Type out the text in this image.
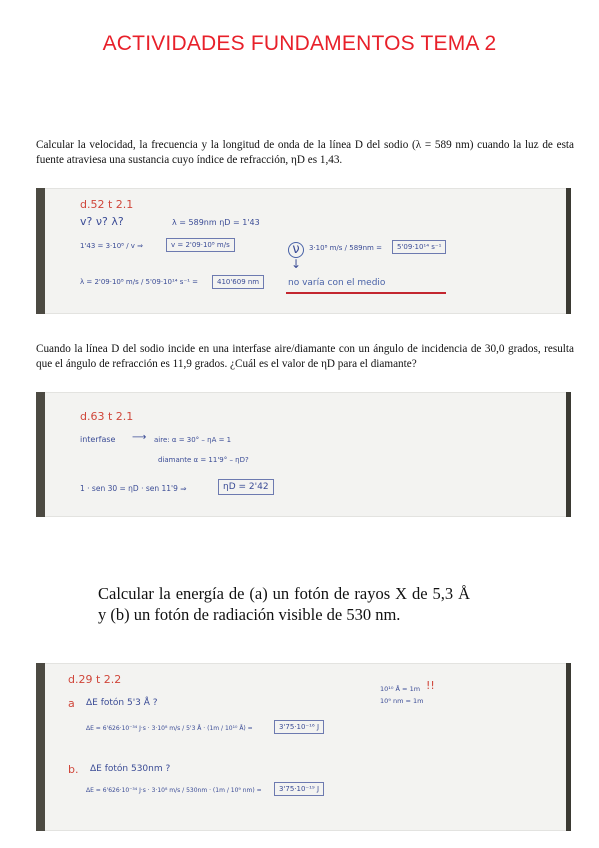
ACTIVIDADES FUNDAMENTOS TEMA 2
Calcular la velocidad, la frecuencia y la longitud de onda de la línea D del sodio (λ = 589 nm) cuando la luz de esta fuente atraviesa una sustancia cuyo índice de refracción, ηD es 1,43.
d.52 t 2.1
v? ν? λ?	λ = 589nm ηD = 1'43
1'43 = 3·10⁸ / v ⇒	v = 2'09·10⁸ m/s	ν	3·10⁸ m/s / 589nm =	5'09·10¹⁴ s⁻¹
↓
λ = 2'09·10⁸ m/s / 5'09·10¹⁴ s⁻¹ =	410'609 nm	no varía con el medio
Cuando la línea D del sodio incide en una interfase aire/diamante con un ángulo de incidencia de 30,0 grados, resulta que el ángulo de refracción es 11,9 grados. ¿Cuál es el valor de ηD para el diamante?
d.63 t 2.1
interfase ⟶ aire: α = 30° – ηA = 1
diamante α = 11'9° – ηD?
1 · sen 30 = ηD · sen 11'9 ⇒	ηD = 2'42
Calcular la energía de (a) un fotón de rayos X de 5,3 Å y (b) un fotón de radiación visible de 530 nm.
d.29 t 2.2
10¹⁰ Å = 1m
10⁹ nm = 1m
!!
a ΔE fotón 5'3 Å ?
ΔE = 6'626·10⁻³⁴ J·s · 3·10⁸ m/s / 5'3 Å · (1m / 10¹⁰ Å) =	3'75·10⁻¹⁶ J
b. ΔE fotón 530nm ?
ΔE = 6'626·10⁻³⁴ J·s · 3·10⁸ m/s / 530nm · (1m / 10⁹ nm) =	3'75·10⁻¹⁹ J
